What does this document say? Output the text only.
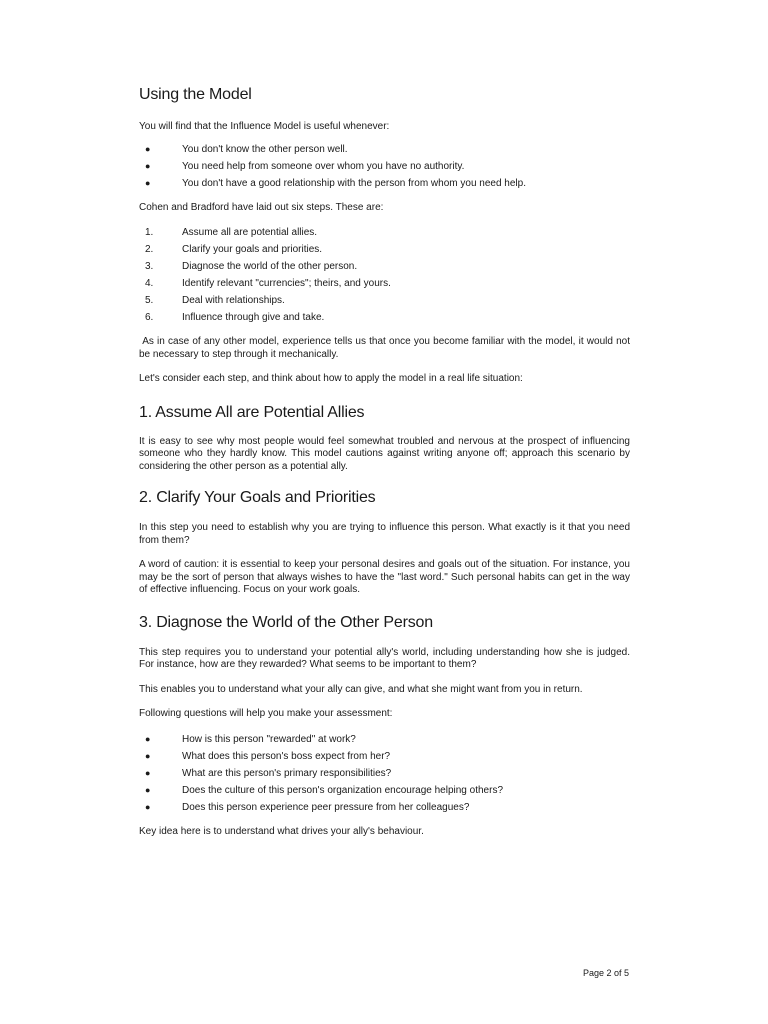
Using the Model

You will find that the Influence Model is useful whenever:

●	You don't know the other person well.
●	You need help from someone over whom you have no authority.
●	You don't have a good relationship with the person from whom you need help.

Cohen and Bradford have laid out six steps. These are:

1.	Assume all are potential allies.
2.	Clarify your goals and priorities.
3.	Diagnose the world of the other person.
4.	Identify relevant "currencies"; theirs, and yours.
5.	Deal with relationships.
6.	Influence through give and take.

As in case of any other model, experience tells us that once you become familiar with the model, it would not be necessary to step through it mechanically.

Let's consider each step, and think about how to apply the model in a real life situation:

1. Assume All are Potential Allies

It is easy to see why most people would feel somewhat troubled and nervous at the prospect of influencing someone who they hardly know. This model cautions against writing anyone off; approach this scenario by considering the other person as a potential ally.

2. Clarify Your Goals and Priorities

In this step you need to establish why you are trying to influence this person. What exactly is it that you need from them?

A word of caution: it is essential to keep your personal desires and goals out of the situation. For instance, you may be the sort of person that always wishes to have the "last word." Such personal habits can get in the way of effective influencing. Focus on your work goals.

3. Diagnose the World of the Other Person

This step requires you to understand your potential ally's world, including understanding how she is judged. For instance, how are they rewarded? What seems to be important to them?

This enables you to understand what your ally can give, and what she might want from you in return.

Following questions will help you make your assessment:

●	How is this person "rewarded" at work?
●	What does this person's boss expect from her?
●	What are this person's primary responsibilities?
●	Does the culture of this person's organization encourage helping others?
●	Does this person experience peer pressure from her colleagues?

Key idea here is to understand what drives your ally's behaviour.

Page 2 of 5
